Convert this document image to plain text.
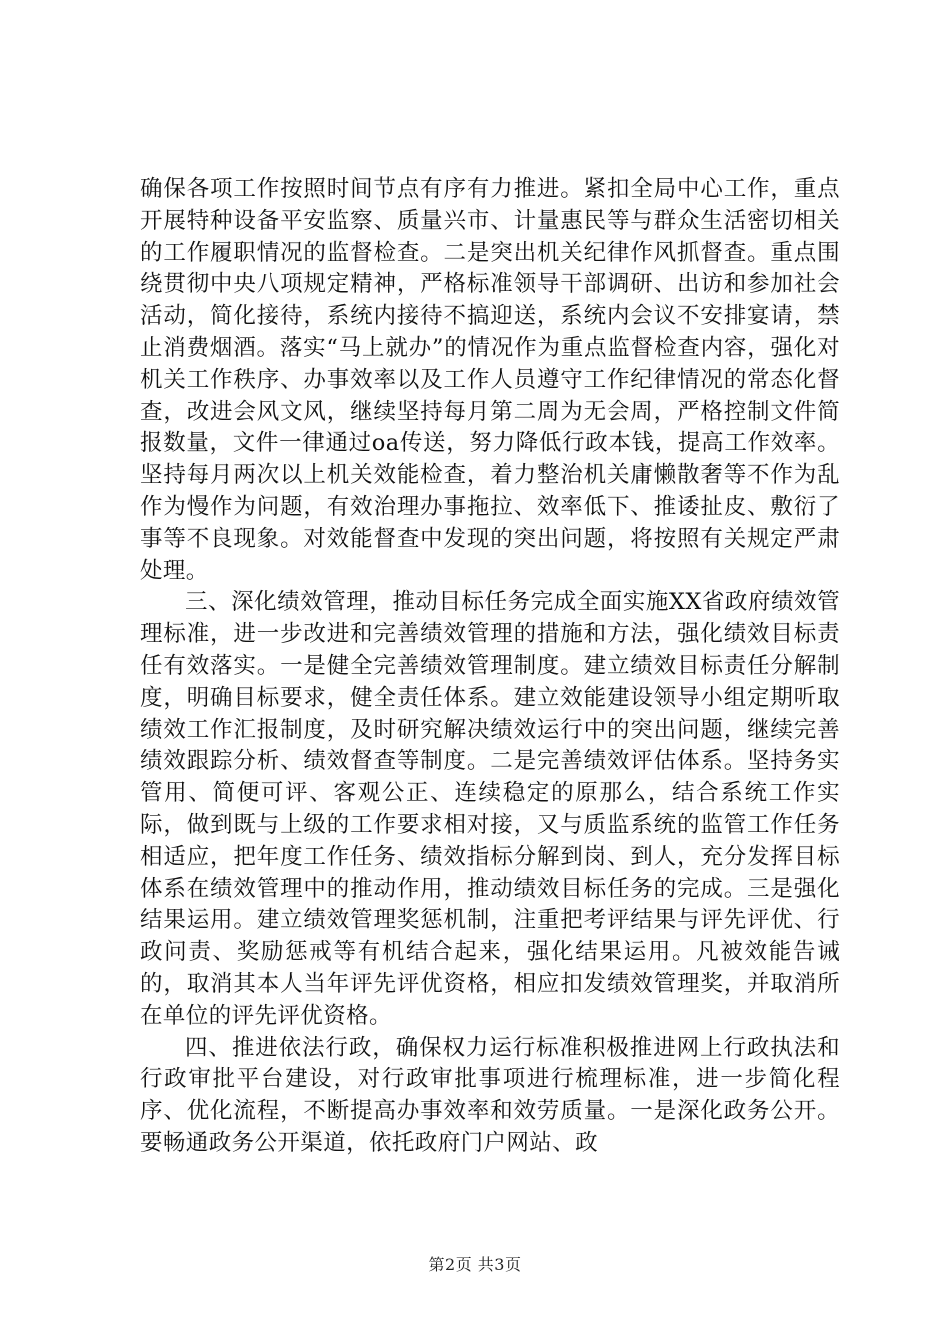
确保各项工作按照时间节点有序有力推进。紧扣全局中心工作，重点开展特种设备平安监察、质量兴市、计量惠民等与群众生活密切相关的工作履职情况的监督检查。二是突出机关纪律作风抓督查。重点围绕贯彻中央八项规定精神，严格标准领导干部调研、出访和参加社会活动，简化接待，系统内接待不搞迎送，系统内会议不安排宴请，禁止消费烟酒。落实“马上就办”的情况作为重点监督检查内容，强化对机关工作秩序、办事效率以及工作人员遵守工作纪律情况的常态化督查，改进会风文风，继续坚持每月第二周为无会周，严格控制文件简报数量，文件一律通过oa传送，努力降低行政本钱，提高工作效率。坚持每月两次以上机关效能检查，着力整治机关庸懒散奢等不作为乱作为慢作为问题，有效治理办事拖拉、效率低下、推诿扯皮、敷衍了事等不良现象。对效能督查中发现的突出问题，将按照有关规定严肃处理。

三、深化绩效管理，推动目标任务完成全面实施XX省政府绩效管理标准，进一步改进和完善绩效管理的措施和方法，强化绩效目标责任有效落实。一是健全完善绩效管理制度。建立绩效目标责任分解制度，明确目标要求，健全责任体系。建立效能建设领导小组定期听取绩效工作汇报制度，及时研究解决绩效运行中的突出问题，继续完善绩效跟踪分析、绩效督查等制度。二是完善绩效评估体系。坚持务实管用、简便可评、客观公正、连续稳定的原那么，结合系统工作实际，做到既与上级的工作要求相对接，又与质监系统的监管工作任务相适应，把年度工作任务、绩效指标分解到岗、到人，充分发挥目标体系在绩效管理中的推动作用，推动绩效目标任务的完成。三是强化结果运用。建立绩效管理奖惩机制，注重把考评结果与评先评优、行政问责、奖励惩戒等有机结合起来，强化结果运用。凡被效能告诫的，取消其本人当年评先评优资格，相应扣发绩效管理奖，并取消所在单位的评先评优资格。

四、推进依法行政，确保权力运行标准积极推进网上行政执法和行政审批平台建设，对行政审批事项进行梳理标准，进一步简化程序、优化流程，不断提高办事效率和效劳质量。一是深化政务公开。要畅通政务公开渠道，依托政府门户网站、政

第2页 共3页
